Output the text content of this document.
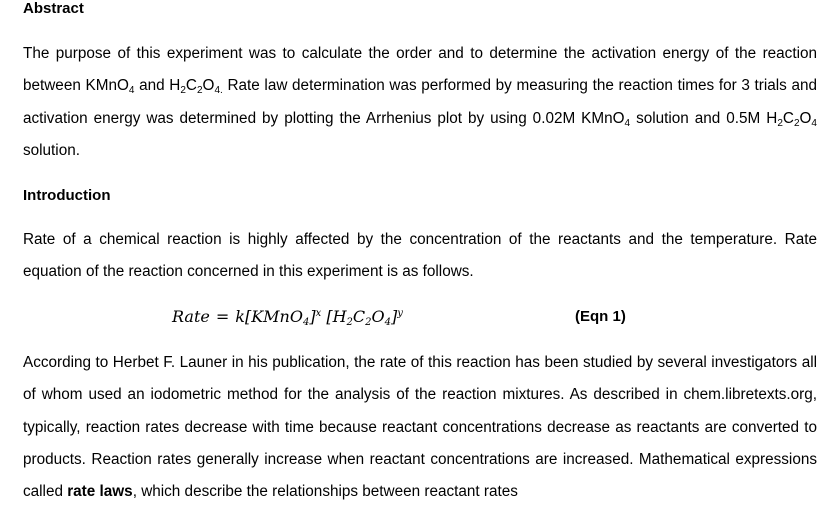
Abstract

The purpose of this experiment was to calculate the order and to determine the activation energy of the reaction between KMnO$_4$ and $H_2C_2O_{4.}$ Rate law determination was performed by measuring the reaction times for 3 trials and activation energy was determined by plotting the Arrhenius plot by using 0.02M KMnO$_4$ solution and 0.5M $H_2C_2O_4$ solution.

Introduction

Rate of a chemical reaction is highly affected by the concentration of the reactants and the temperature. Rate equation of the reaction concerned in this experiment is as follows.

Rate = k[KMnO$_4$]$^x$ $[H_2C_2O_4]^y$	(Eqn 1)

According to Herbet F. Launer in his publication, the rate of this reaction has been studied by several investigators all of whom used an iodometric method for the analysis of the reaction mixtures. As described in chem.libretexts.org, typically, reaction rates decrease with time because reactant concentrations decrease as reactants are converted to products. Reaction rates generally increase when reactant concentrations are increased. Mathematical expressions called rate laws, which describe the relationships between reactant rates
